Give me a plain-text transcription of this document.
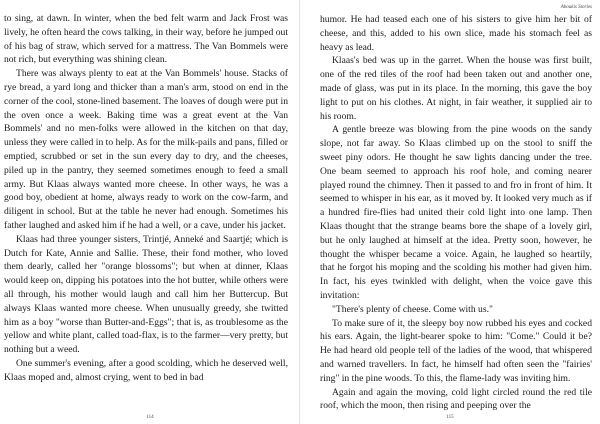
to sing, at dawn. In winter, when the bed felt warm and Jack Frost was lively, he often heard the cows talking, in their way, before he jumped out of his bag of straw, which served for a mattress. The Van Bommels were not rich, but everything was shining clean.

There was always plenty to eat at the Van Bommels' house. Stacks of rye bread, a yard long and thicker than a man's arm, stood on end in the corner of the cool, stone-lined basement. The loaves of dough were put in the oven once a week. Baking time was a great event at the Van Bommels' and no men-folks were allowed in the kitchen on that day, unless they were called in to help. As for the milk-pails and pans, filled or emptied, scrubbed or set in the sun every day to dry, and the cheeses, piled up in the pantry, they seemed sometimes enough to feed a small army. But Klaas always wanted more cheese. In other ways, he was a good boy, obedient at home, always ready to work on the cow-farm, and diligent in school. But at the table he never had enough. Sometimes his father laughed and asked him if he had a well, or a cave, under his jacket.

Klaas had three younger sisters, Trintjé, Anneké and Saartjé; which is Dutch for Kate, Annie and Sallie. These, their fond mother, who loved them dearly, called her "orange blossoms"; but when at dinner, Klaas would keep on, dipping his potatoes into the hot butter, while others were all through, his mother would laugh and call him her Buttercup. But always Klaas wanted more cheese. When unusually greedy, she twitted him as a boy "worse than Butter-and-Eggs"; that is, as troublesome as the yellow and white plant, called toad-flax, is to the farmer—very pretty, but nothing but a weed.

One summer's evening, after a good scolding, which he deserved well, Klaas moped and, almost crying, went to bed in bad

114
Aboukis Stories

humor. He had teased each one of his sisters to give him her bit of cheese, and this, added to his own slice, made his stomach feel as heavy as lead.

Klaas's bed was up in the garret. When the house was first built, one of the red tiles of the roof had been taken out and another one, made of glass, was put in its place. In the morning, this gave the boy light to put on his clothes. At night, in fair weather, it supplied air to his room.

A gentle breeze was blowing from the pine woods on the sandy slope, not far away. So Klaas climbed up on the stool to sniff the sweet piny odors. He thought he saw lights dancing under the tree. One beam seemed to approach his roof hole, and coming nearer played round the chimney. Then it passed to and fro in front of him. It seemed to whisper in his ear, as it moved by. It looked very much as if a hundred fire-flies had united their cold light into one lamp. Then Klaas thought that the strange beams bore the shape of a lovely girl, but he only laughed at himself at the idea. Pretty soon, however, he thought the whisper became a voice. Again, he laughed so heartily, that he forgot his moping and the scolding his mother had given him. In fact, his eyes twinkled with delight, when the voice gave this invitation:

"There's plenty of cheese. Come with us."

To make sure of it, the sleepy boy now rubbed his eyes and cocked his ears. Again, the light-bearer spoke to him: "Come." Could it be? He had heard old people tell of the ladies of the wood, that whispered and warned travellers. In fact, he himself had often seen the "fairies' ring" in the pine woods. To this, the flame-lady was inviting him.

Again and again the moving, cold light circled round the red tile roof, which the moon, then rising and peeping over the

115
